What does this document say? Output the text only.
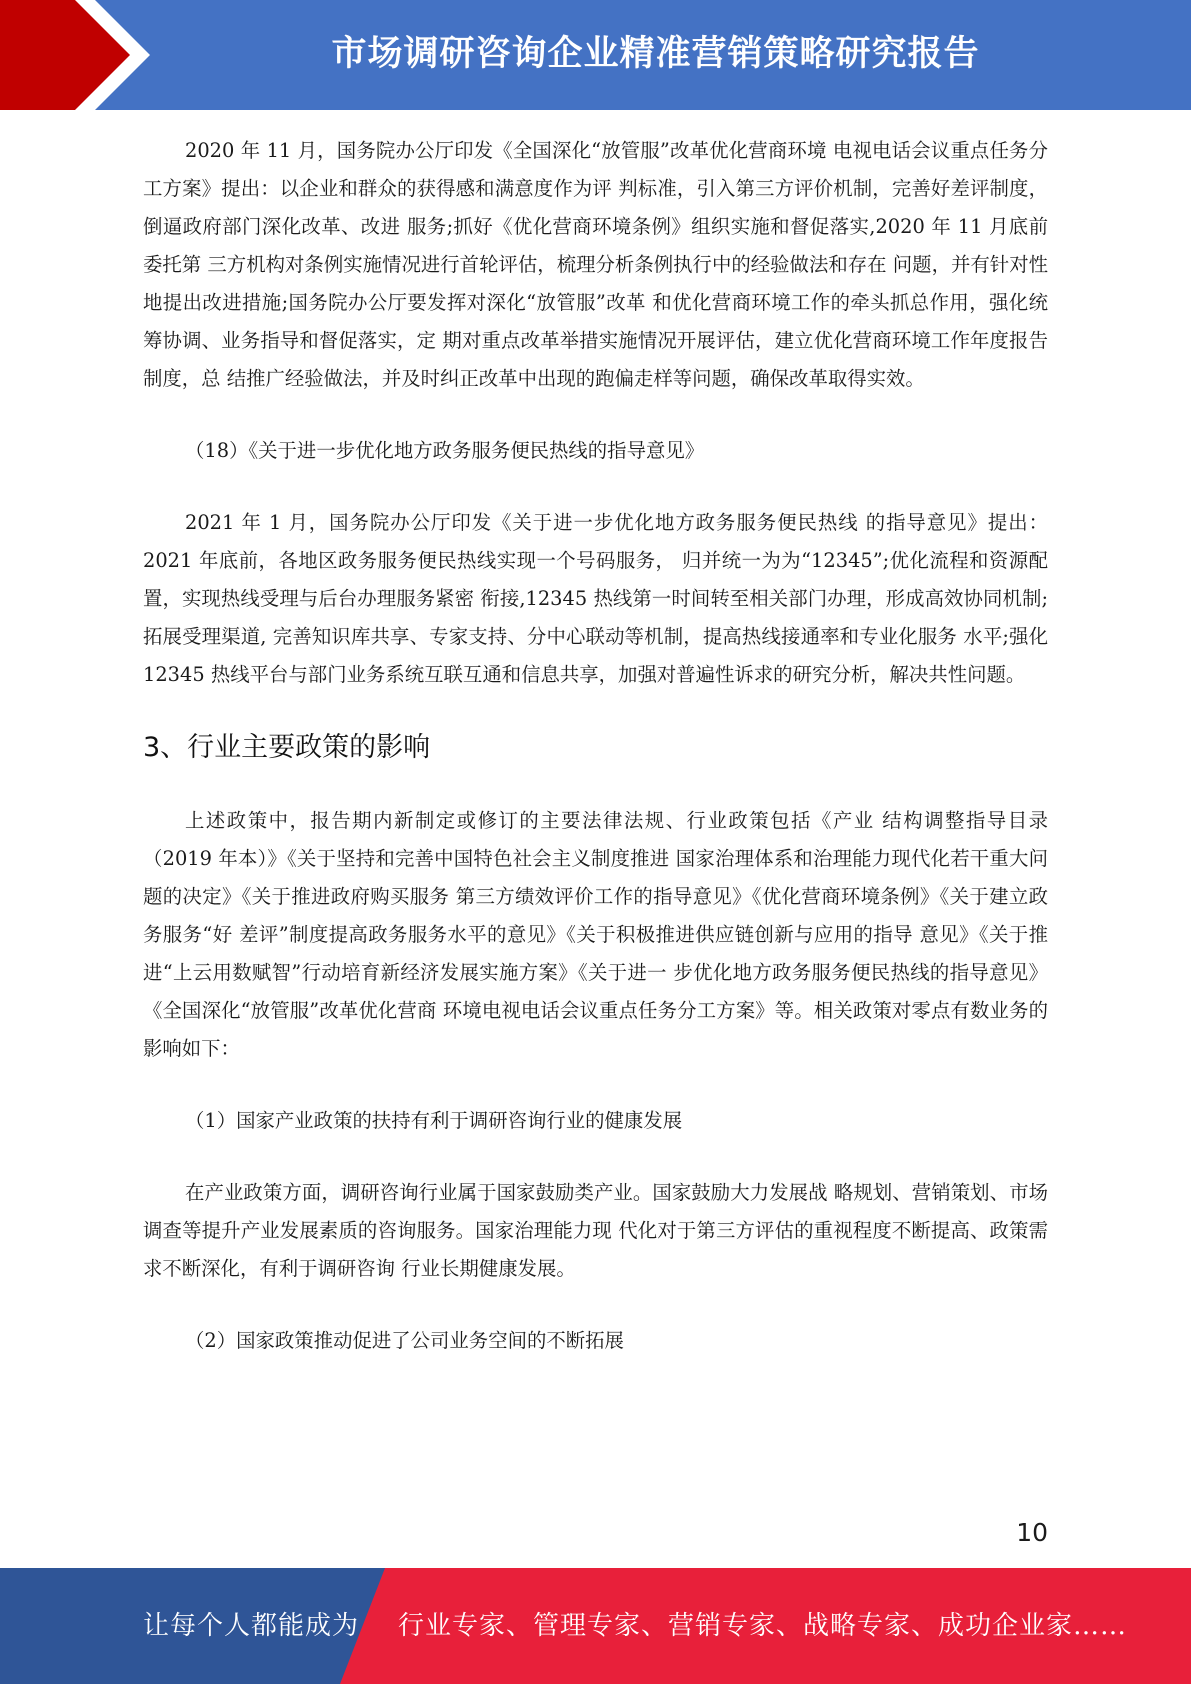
市场调研咨询企业精准营销策略研究报告

2020 年 11 月，国务院办公厅印发《全国深化“放管服”改革优化营商环境 电视电话会议重点任务分工方案》提出：以企业和群众的获得感和满意度作为评 判标准，引入第三方评价机制，完善好差评制度，倒逼政府部门深化改革、改进 服务;抓好《优化营商环境条例》组织实施和督促落实,2020 年 11 月底前委托第 三方机构对条例实施情况进行首轮评估，梳理分析条例执行中的经验做法和存在 问题，并有针对性地提出改进措施;国务院办公厅要发挥对深化“放管服”改革 和优化营商环境工作的牵头抓总作用，强化统筹协调、业务指导和督促落实，定 期对重点改革举措实施情况开展评估，建立优化营商环境工作年度报告制度，总 结推广经验做法，并及时纠正改革中出现的跑偏走样等问题，确保改革取得实效。

（18）《关于进一步优化地方政务服务便民热线的指导意见》

2021 年 1 月，国务院办公厅印发《关于进一步优化地方政务服务便民热线 的指导意见》提出：2021 年底前，各地区政务服务便民热线实现一个号码服务， 归并统一为为“12345”;优化流程和资源配置，实现热线受理与后台办理服务紧密 衔接,12345 热线第一时间转至相关部门办理，形成高效协同机制;拓展受理渠道, 完善知识库共享、专家支持、分中心联动等机制，提高热线接通率和专业化服务 水平;强化 12345 热线平台与部门业务系统互联互通和信息共享，加强对普遍性诉求的研究分析，解决共性问题。

3、行业主要政策的影响

上述政策中，报告期内新制定或修订的主要法律法规、行业政策包括《产业 结构调整指导目录（2019 年本）》《关于坚持和完善中国特色社会主义制度推进 国家治理体系和治理能力现代化若干重大问题的决定》《关于推进政府购买服务 第三方绩效评价工作的指导意见》《优化营商环境条例》《关于建立政务服务“好 差评”制度提高政务服务水平的意见》《关于积极推进供应链创新与应用的指导 意见》《关于推进“上云用数赋智”行动培育新经济发展实施方案》《关于进一 步优化地方政务服务便民热线的指导意见》《全国深化“放管服”改革优化营商 环境电视电话会议重点任务分工方案》等。相关政策对零点有数业务的影响如下：

（1）国家产业政策的扶持有利于调研咨询行业的健康发展

在产业政策方面，调研咨询行业属于国家鼓励类产业。国家鼓励大力发展战 略规划、营销策划、市场调查等提升产业发展素质的咨询服务。国家治理能力现 代化对于第三方评估的重视程度不断提高、政策需求不断深化，有利于调研咨询 行业长期健康发展。

（2）国家政策推动促进了公司业务空间的不断拓展

10
让每个人都能成为 行业专家、管理专家、营销专家、战略专家、成功企业家……
